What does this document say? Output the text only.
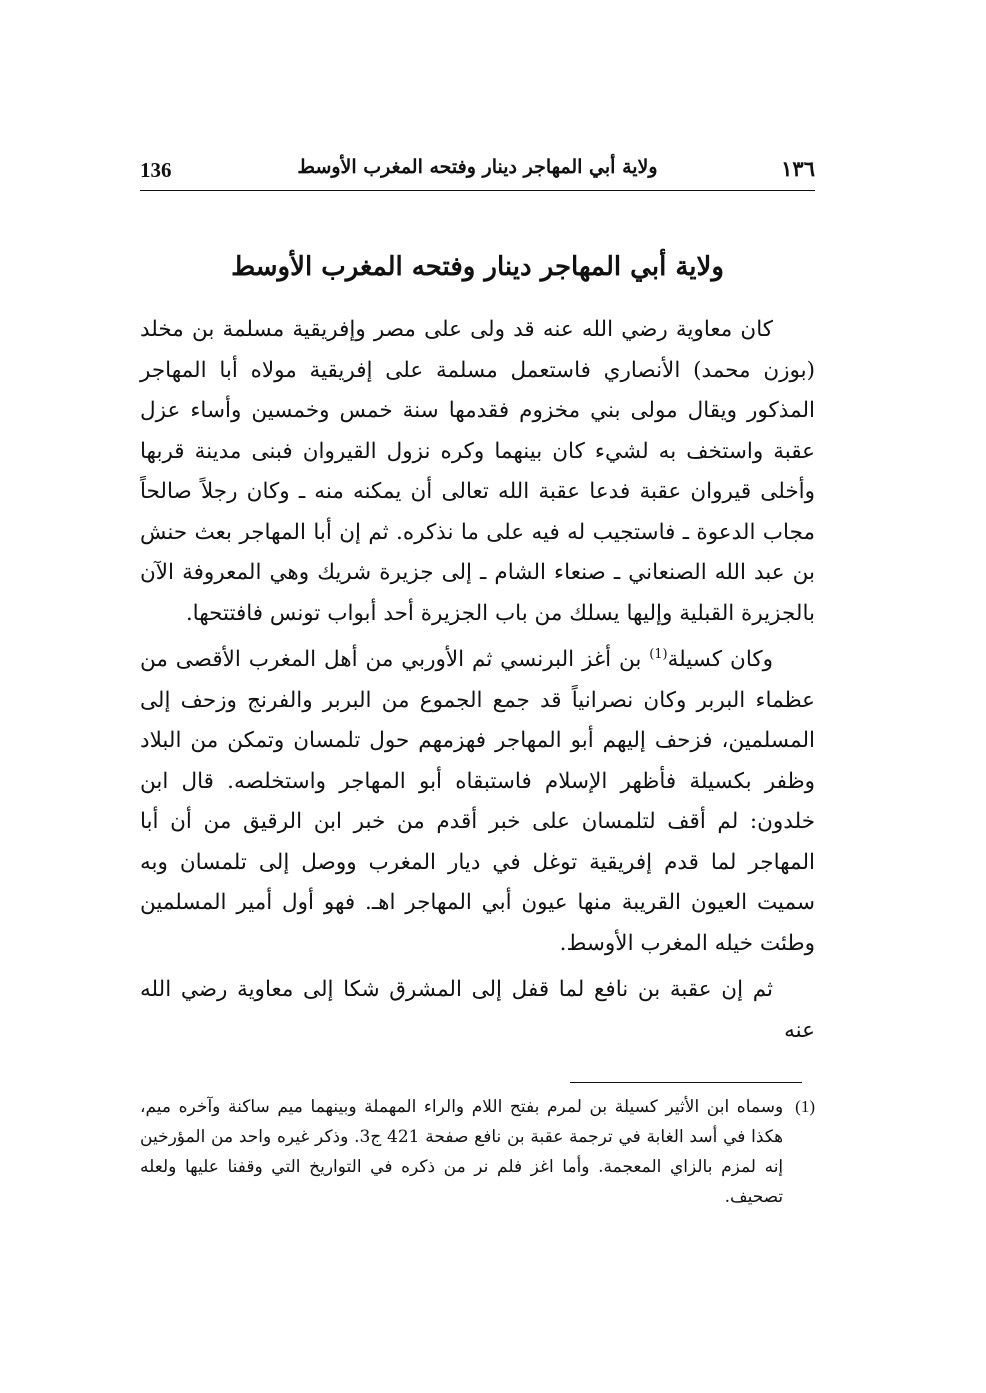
136	ولاية أبي المهاجر دينار وفتحه المغرب الأوسط	١٣٦
ولاية أبي المهاجر دينار وفتحه المغرب الأوسط

كان معاوية رضي الله عنه قد ولى على مصر وإفريقية مسلمة بن مخلد (بوزن محمد) الأنصاري فاستعمل مسلمة على إفريقية مولاه أبا المهاجر المذكور ويقال مولى بني مخزوم فقدمها سنة خمس وخمسين وأساء عزل عقبة واستخف به لشيء كان بينهما وكره نزول القيروان فبنى مدينة قربها وأخلى قيروان عقبة فدعا عقبة الله تعالى أن يمكنه منه ـ وكان رجلاً صالحاً مجاب الدعوة ـ فاستجيب له فيه على ما نذكره. ثم إن أبا المهاجر بعث حنش بن عبد الله الصنعاني ـ صنعاء الشام ـ إلى جزيرة شريك وهي المعروفة الآن بالجزيرة القبلية وإليها يسلك من باب الجزيرة أحد أبواب تونس فافتتحها.

وكان كسيلة$^{(1)}$ بن أغز البرنسي ثم الأوربي من أهل المغرب الأقصى من عظماء البربر وكان نصرانياً قد جمع الجموع من البربر والفرنج وزحف إلى المسلمين، فزحف إليهم أبو المهاجر فهزمهم حول تلمسان وتمكن من البلاد وظفر بكسيلة فأظهر الإسلام فاستبقاه أبو المهاجر واستخلصه. قال ابن خلدون: لم أقف لتلمسان على خبر أقدم من خبر ابن الرقيق من أن أبا المهاجر لما قدم إفريقية توغل في ديار المغرب ووصل إلى تلمسان وبه سميت العيون القريبة منها عيون أبي المهاجر اهـ. فهو أول أمير المسلمين وطئت خيله المغرب الأوسط.

ثم إن عقبة بن نافع لما قفل إلى المشرق شكا إلى معاوية رضي الله عنه

(1)

وسماه ابن الأثير كسيلة بن لمرم بفتح اللام والراء المهملة وبينهما ميم ساكنة وآخره ميم، هكذا في أسد الغابة في ترجمة عقبة بن نافع صفحة 421 ج3. وذكر غيره واحد من المؤرخين إنه لمزم بالزاي المعجمة. وأما اغز فلم نر من ذكره في التواريخ التي وقفنا عليها ولعله تصحيف.
